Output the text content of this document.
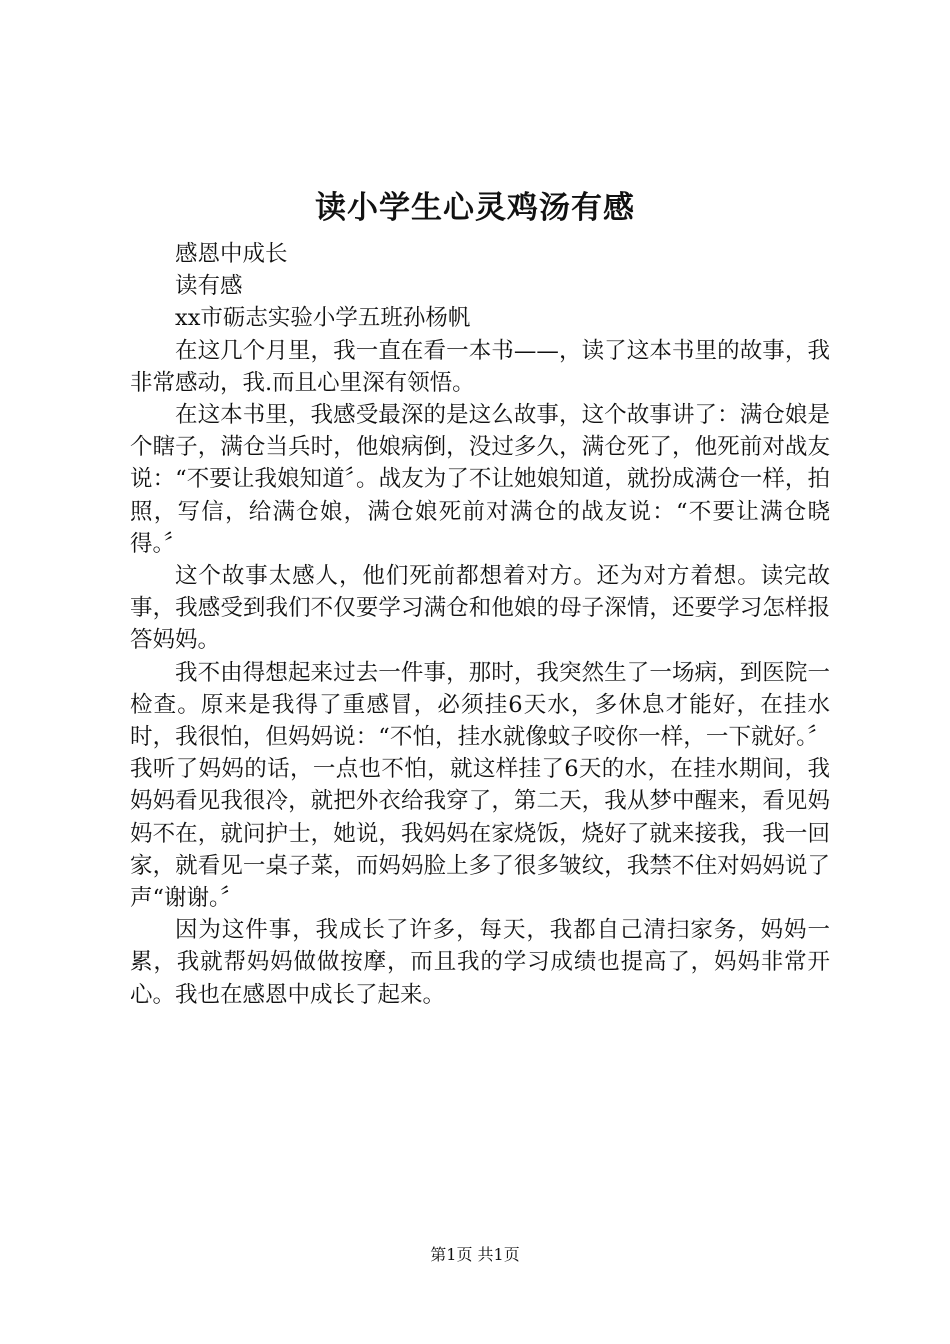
读小学生心灵鸡汤有感

感恩中成长

读有感

xx市砺志实验小学五班孙杨帆

在这几个月里，我一直在看一本书——，读了这本书里的故事，我非常感动，我.而且心里深有领悟。

在这本书里，我感受最深的是这么故事，这个故事讲了：满仓娘是个瞎子，满仓当兵时，他娘病倒，没过多久，满仓死了，他死前对战友说：“不要让我娘知道〞。战友为了不让她娘知道，就扮成满仓一样，拍照，写信，给满仓娘，满仓娘死前对满仓的战友说：“不要让满仓晓得。〞

这个故事太感人，他们死前都想着对方。还为对方着想。读完故事，我感受到我们不仅要学习满仓和他娘的母子深情，还要学习怎样报答妈妈。

我不由得想起来过去一件事，那时，我突然生了一场病，到医院一检查。原来是我得了重感冒，必须挂6天水，多休息才能好，在挂水时，我很怕，但妈妈说：“不怕，挂水就像蚊子咬你一样，一下就好。〞我听了妈妈的话，一点也不怕，就这样挂了6天的水，在挂水期间，我妈妈看见我很冷，就把外衣给我穿了，第二天，我从梦中醒来，看见妈妈不在，就问护士，她说，我妈妈在家烧饭，烧好了就来接我，我一回家，就看见一桌子菜，而妈妈脸上多了很多皱纹，我禁不住对妈妈说了声“谢谢。〞

因为这件事，我成长了许多，每天，我都自己清扫家务，妈妈一累，我就帮妈妈做做按摩，而且我的学习成绩也提高了，妈妈非常开心。我也在感恩中成长了起来。

第1页 共1页
